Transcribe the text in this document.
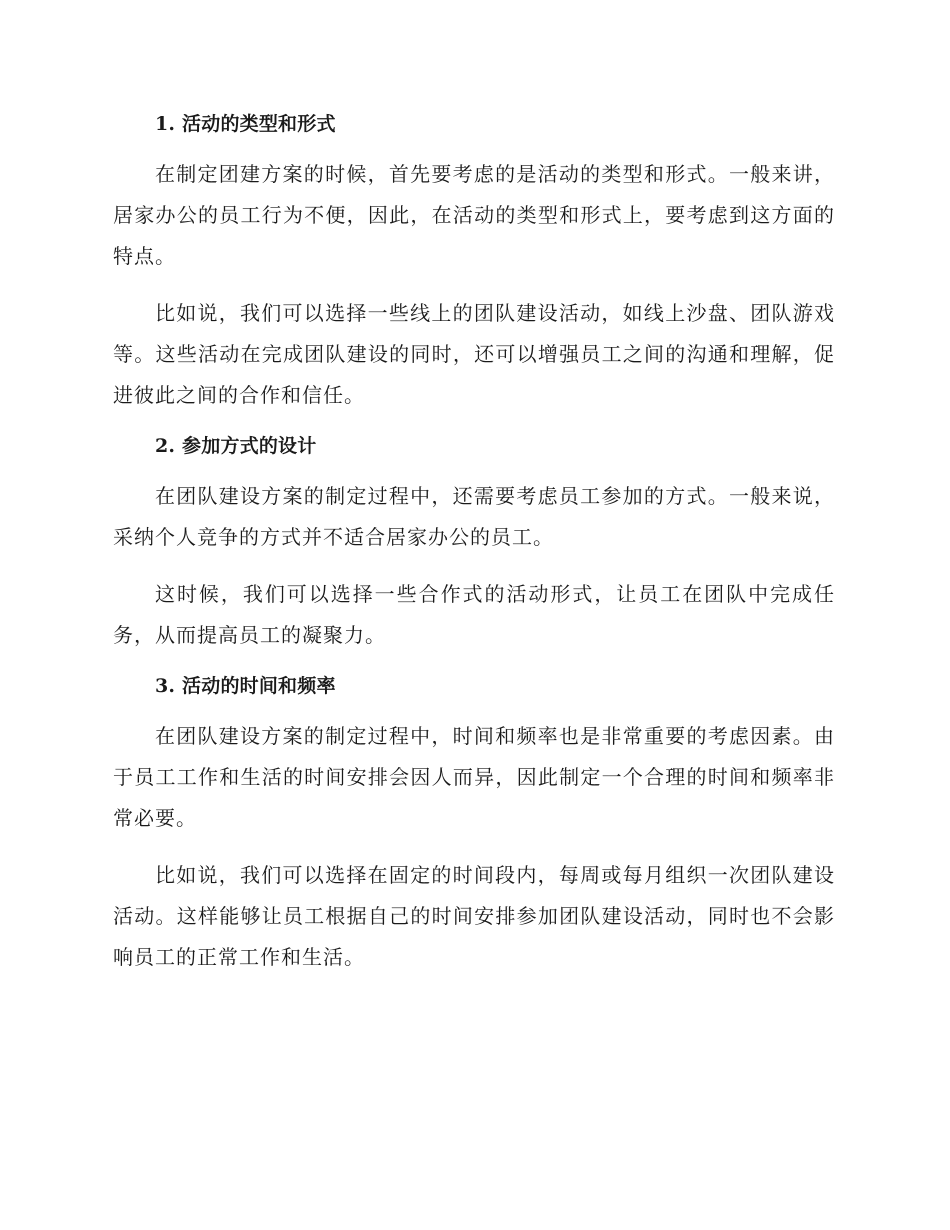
1. 活动的类型和形式

在制定团建方案的时候，首先要考虑的是活动的类型和形式。一般来讲，居家办公的员工行为不便，因此，在活动的类型和形式上，要考虑到这方面的特点。

比如说，我们可以选择一些线上的团队建设活动，如线上沙盘、团队游戏等。这些活动在完成团队建设的同时，还可以增强员工之间的沟通和理解，促进彼此之间的合作和信任。

2. 参加方式的设计

在团队建设方案的制定过程中，还需要考虑员工参加的方式。一般来说，采纳个人竞争的方式并不适合居家办公的员工。

这时候，我们可以选择一些合作式的活动形式，让员工在团队中完成任务，从而提高员工的凝聚力。

3. 活动的时间和频率

在团队建设方案的制定过程中，时间和频率也是非常重要的考虑因素。由于员工工作和生活的时间安排会因人而异，因此制定一个合理的时间和频率非常必要。

比如说，我们可以选择在固定的时间段内，每周或每月组织一次团队建设活动。这样能够让员工根据自己的时间安排参加团队建设活动，同时也不会影响员工的正常工作和生活。
